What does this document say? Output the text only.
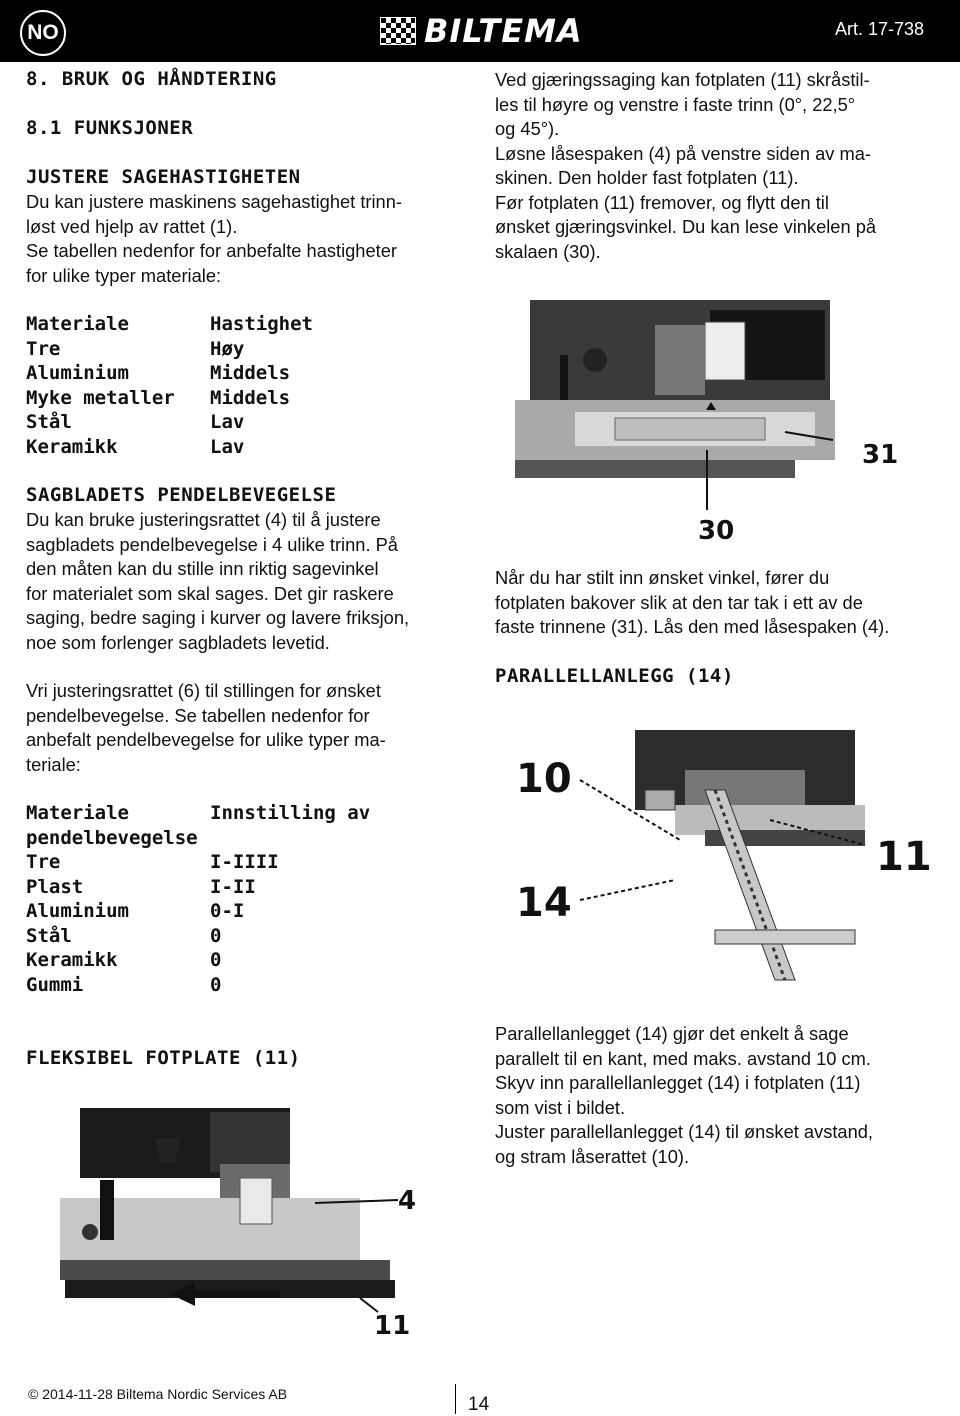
NO	BILTEMA	Art. 17-738
8. BRUK OG HÅNDTERING
8.1 FUNKSJONER
JUSTERE SAGEHASTIGHETEN

Du kan justere maskinens sagehastighet trinn-

løst ved hjelp av rattet (1).

Se tabellen nedenfor for anbefalte hastigheter

for ulike typer materiale:

Materiale	Hastighet
Tre	Høy
Aluminium	Middels
Myke metaller	Middels
Stål	Lav
Keramikk	Lav
SAGBLADETS PENDELBEVEGELSE

Du kan bruke justeringsrattet (4) til å justere

sagbladets pendelbevegelse i 4 ulike trinn. På

den måten kan du stille inn riktig sagevinkel

for materialet som skal sages. Det gir raskere

saging, bedre saging i kurver og lavere friksjon,

noe som forlenger sagbladets levetid.

Vri justeringsrattet (6) til stillingen for ønsket

pendelbevegelse. Se tabellen nedenfor for

anbefalt pendelbevegelse for ulike typer ma-

teriale:

Materiale	Innstilling av
pendelbevegelse
Tre	I-IIII
Plast	I-II
Aluminium	0-I
Stål	0
Keramikk	0
Gummi	0
FLEKSIBEL FOTPLATE (11)
4
11

Ved gjæringssaging kan fotplaten (11) skråstil-

les til høyre og venstre i faste trinn (0°, 22,5°

og 45°).

Løsne låsespaken (4) på venstre siden av ma-

skinen. Den holder fast fotplaten (11).

Før fotplaten (11) fremover, og flytt den til

ønsket gjæringsvinkel. Du kan lese vinkelen på

skalaen (30).

31
30

Når du har stilt inn ønsket vinkel, fører du

fotplaten bakover slik at den tar tak i ett av de

faste trinnene (31). Lås den med låsespaken (4).

PARALLELLANLEGG (14)
10
11
14

Parallellanlegget (14) gjør det enkelt å sage

parallelt til en kant, med maks. avstand 10 cm.

Skyv inn parallellanlegget (14) i fotplaten (11)

som vist i bildet.

Juster parallellanlegget (14) til ønsket avstand,

og stram låserattet (10).

© 2014-11-28 Biltema Nordic Services AB	14
